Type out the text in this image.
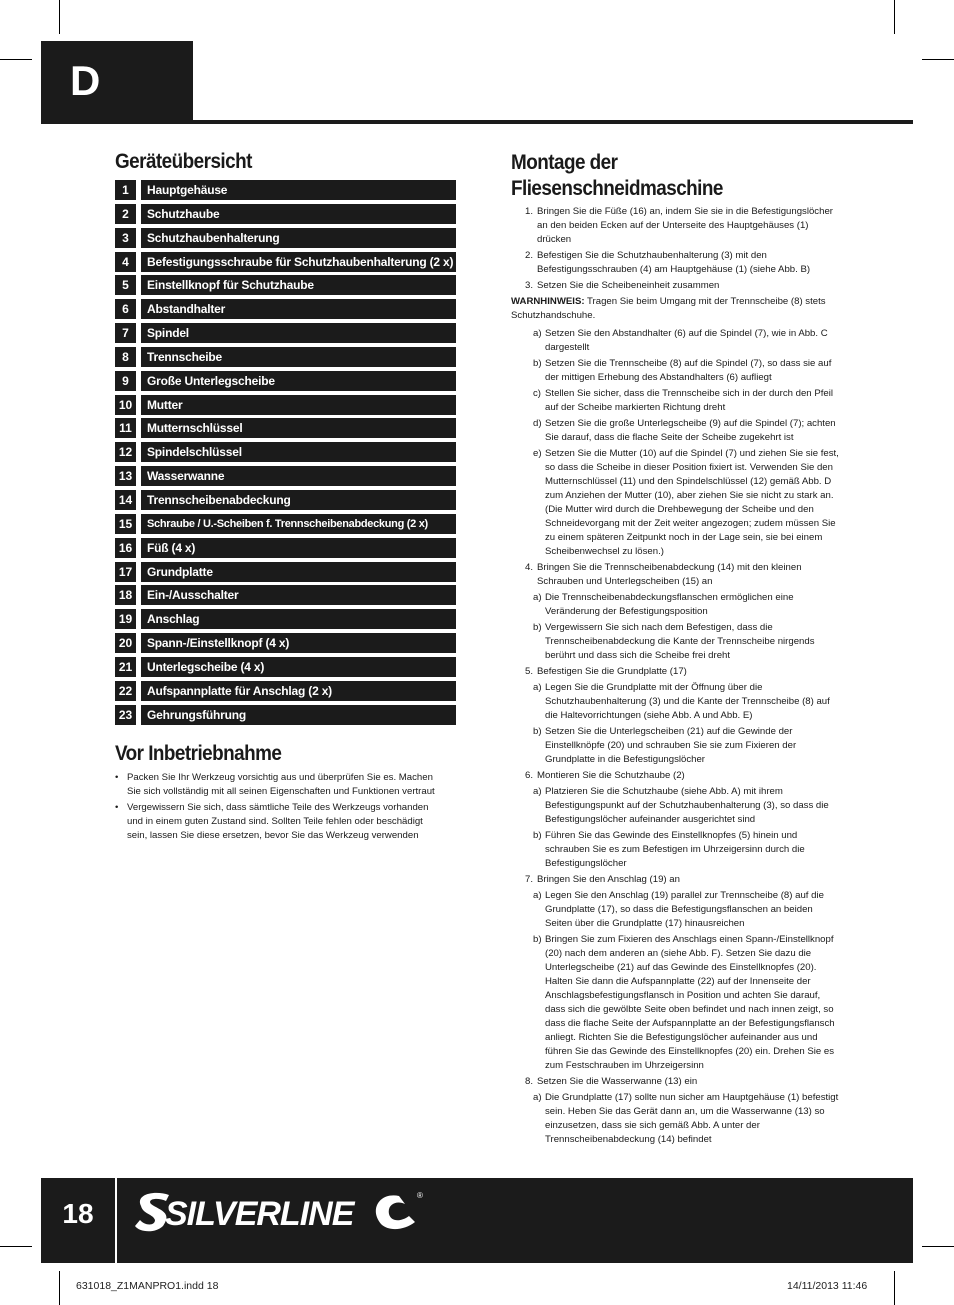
D
Geräteübersicht
1	Hauptgehäuse
2	Schutzhaube
3	Schutzhaubenhalterung
4	Befestigungsschraube für Schutzhaubenhalterung (2 x)
5	Einstellknopf für Schutzhaube
6	Abstandhalter
7	Spindel
8	Trennscheibe
9	Große Unterlegscheibe
10	Mutter
11	Mutternschlüssel
12	Spindelschlüssel
13	Wasserwanne
14	Trennscheibenabdeckung
15	Schraube / U.-Scheiben f. Trennscheibenabdeckung (2 x)
16	Füß (4 x)
17	Grundplatte
18	Ein-/Ausschalter
19	Anschlag
20	Spann-/Einstellknopf (4 x)
21	Unterlegscheibe (4 x)
22	Aufspannplatte für Anschlag (2 x)
23	Gehrungsführung
Vor Inbetriebnahme
• Packen Sie Ihr Werkzeug vorsichtig aus und überprüfen Sie es. Machen Sie sich vollständig mit all seinen Eigenschaften und Funktionen vertraut
• Vergewissern Sie sich, dass sämtliche Teile des Werkzeugs vorhanden und in einem guten Zustand sind. Sollten Teile fehlen oder beschädigt sein, lassen Sie diese ersetzen, bevor Sie das Werkzeug verwenden
Montage der Fliesenschneidmaschine
1. Bringen Sie die Füße (16) an, indem Sie sie in die Befestigungslöcher an den beiden Ecken auf der Unterseite des Hauptgehäuses (1) drücken
2. Befestigen Sie die Schutzhaubenhalterung (3) mit den Befestigungsschrauben (4) am Hauptgehäuse (1) (siehe Abb. B)
3. Setzen Sie die Scheibeneinheit zusammen
WARNHINWEIS: Tragen Sie beim Umgang mit der Trennscheibe (8) stets Schutzhandschuhe.
a) Setzen Sie den Abstandhalter (6) auf die Spindel (7), wie in Abb. C dargestellt
b) Setzen Sie die Trennscheibe (8) auf die Spindel (7), so dass sie auf der mittigen Erhebung des Abstandhalters (6) aufliegt
c) Stellen Sie sicher, dass die Trennscheibe sich in der durch den Pfeil auf der Scheibe markierten Richtung dreht
d) Setzen Sie die große Unterlegscheibe (9) auf die Spindel (7); achten Sie darauf, dass die flache Seite der Scheibe zugekehrt ist
e) Setzen Sie die Mutter (10) auf die Spindel (7) und ziehen Sie sie fest, so dass die Scheibe in dieser Position fixiert ist. Verwenden Sie den Mutternschlüssel (11) und den Spindelschlüssel (12) gemäß Abb. D zum Anziehen der Mutter (10), aber ziehen Sie sie nicht zu stark an. (Die Mutter wird durch die Drehbewegung der Scheibe und den Schneidevorgang mit der Zeit weiter angezogen; zudem müssen Sie zu einem späteren Zeitpunkt noch in der Lage sein, sie bei einem Scheibenwechsel zu lösen.)
4. Bringen Sie die Trennscheibenabdeckung (14) mit den kleinen Schrauben und Unterlegscheiben (15) an
a) Die Trennscheibenabdeckungsflanschen ermöglichen eine Veränderung der Befestigungsposition
b) Vergewissern Sie sich nach dem Befestigen, dass die Trennscheibenabdeckung die Kante der Trennscheibe nirgends berührt und dass sich die Scheibe frei dreht
5. Befestigen Sie die Grundplatte (17)
a) Legen Sie die Grundplatte mit der Öffnung über die Schutzhaubenhalterung (3) und die Kante der Trennscheibe (8) auf die Haltevorrichtungen (siehe Abb. A und Abb. E)
b) Setzen Sie die Unterlegscheiben (21) auf die Gewinde der Einstellknöpfe (20) und schrauben Sie sie zum Fixieren der Grundplatte in die Befestigungslöcher
6. Montieren Sie die Schutzhaube (2)
a) Platzieren Sie die Schutzhaube (siehe Abb. A) mit ihrem Befestigungspunkt auf der Schutzhaubenhalterung (3), so dass die Befestigungslöcher aufeinander ausgerichtet sind
b) Führen Sie das Gewinde des Einstellknopfes (5) hinein und schrauben Sie es zum Befestigen im Uhrzeigersinn durch die Befestigungslöcher
7. Bringen Sie den Anschlag (19) an
a) Legen Sie den Anschlag (19) parallel zur Trennscheibe (8) auf die Grundplatte (17), so dass die Befestigungsflanschen an beiden Seiten über die Grundplatte (17) hinausreichen
b) Bringen Sie zum Fixieren des Anschlags einen Spann-/Einstellknopf (20) nach dem anderen an (siehe Abb. F). Setzen Sie dazu die Unterlegscheibe (21) auf das Gewinde des Einstellknopfes (20). Halten Sie dann die Aufspannplatte (22) auf der Innenseite der Anschlagsbefestigungsflansch in Position und achten Sie darauf, dass sich die gewölbte Seite oben befindet und nach innen zeigt, so dass die flache Seite der Aufspannplatte an der Befestigungsflansch anliegt. Richten Sie die Befestigungslöcher aufeinander aus und führen Sie das Gewinde des Einstellknopfes (20) ein. Drehen Sie es zum Festschrauben im Uhrzeigersinn
8. Setzen Sie die Wasserwanne (13) ein
a) Die Grundplatte (17) sollte nun sicher am Hauptgehäuse (1) befestigt sein. Heben Sie das Gerät dann an, um die Wasserwanne (13) so einzusetzen, dass sie sich gemäß Abb. A unter der Trennscheibenabdeckung (14) befindet
18	SILVERLINE	®
631018_Z1MANPRO1.indd 18	14/11/2013 11:46
